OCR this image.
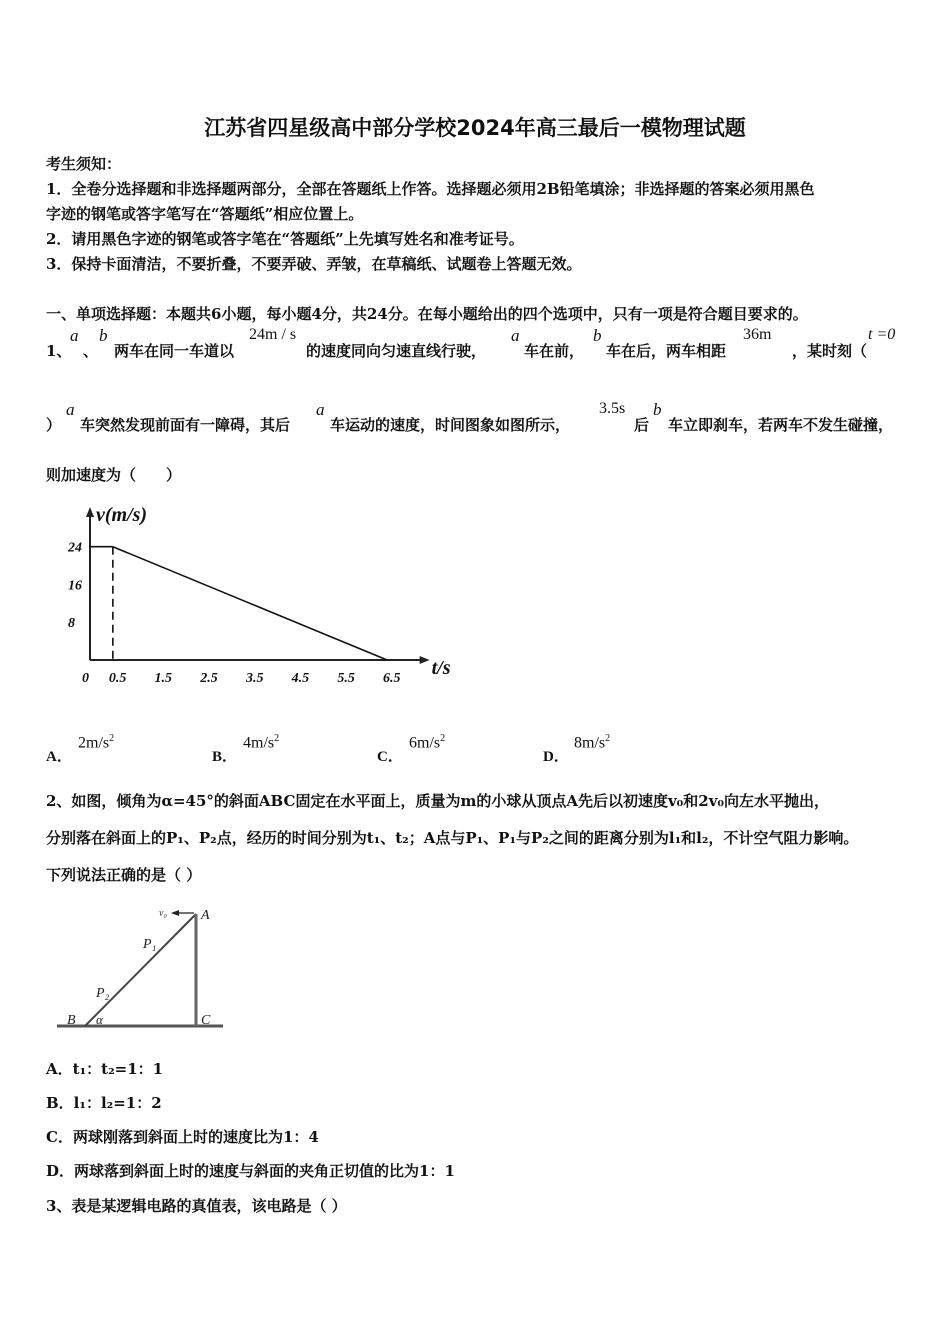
江苏省四星级高中部分学校2024年高三最后一模物理试题
考生须知：
1．全卷分选择题和非选择题两部分，全部在答题纸上作答。选择题必须用2B铅笔填涂；非选择题的答案必须用黑色
字迹的钢笔或答字笔写在“答题纸”相应位置上。
2．请用黑色字迹的钢笔或答字笔在“答题纸”上先填写姓名和准考证号。
3．保持卡面清洁，不要折叠，不要弄破、弄皱，在草稿纸、试题卷上答题无效。
一、单项选择题：本题共6小题，每小题4分，共24分。在每小题给出的四个选项中，只有一项是符合题目要求的。
1、
a
、
b
两车在同一车道以
24m / s
的速度同向匀速直线行驶，
a
车在前，
b
车在后，两车相距
36m
，某时刻（
t =0
）
a
车突然发现前面有一障碍，其后
a
车运动的速度，时间图象如图所示，
3.5s
后
b
车立即刹车，若两车不发生碰撞，
则加速度为（　　）
v(m/s)
t/s
24
16
8
0 0.5 1.5 2.5 3.5 4.5 5.5 6.5
A．
$2m/s^2$
B．
$4m/s^2$
C．
$6m/s^2$
D．
$8m/s^2$
2、如图，倾角为α=45°的斜面ABC固定在水平面上，质量为m的小球从顶点A先后以初速度v₀和2v₀向左水平抛出，
分别落在斜面上的P₁、P₂点，经历的时间分别为t₁、t₂；A点与P₁、P₁与P₂之间的距离分别为l₁和l₂，不计空气阻力影响。
下列说法正确的是（ ）
v₀ A
P₁
P₂
B α	C
A．t₁：t₂=1：1
B．l₁：l₂=1：2
C．两球刚落到斜面上时的速度比为1：4
D．两球落到斜面上时的速度与斜面的夹角正切值的比为1：1
3、表是某逻辑电路的真值表，该电路是（ ）
